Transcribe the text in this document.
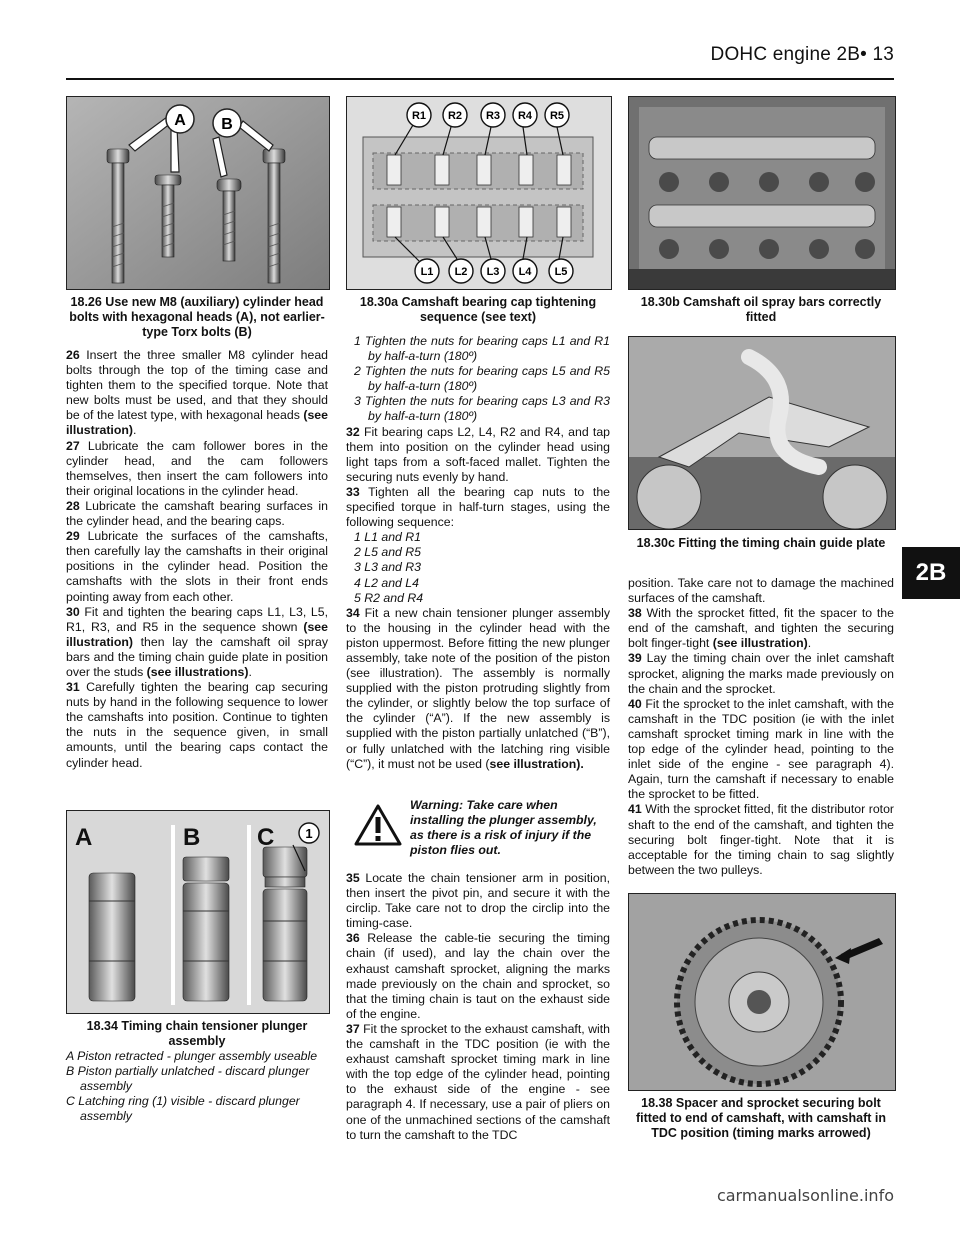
DOHC engine 2B• 13
2B
A B
18.26 Use new M8 (auxiliary) cylinder head bolts with hexagonal heads (A), not earlier-type Torx bolts (B)
R1 R2 R3 R4 R5
L1 L2 L3 L4 L5
18.30a Camshaft bearing cap tightening sequence (see text)
18.30b Camshaft oil spray bars correctly fitted
18.30c Fitting the timing chain guide plate
A	B C 1
18.34 Timing chain tensioner plunger assembly
A Piston retracted - plunger assembly useable
B Piston partially unlatched - discard plunger assembly
C Latching ring (1) visible - discard plunger assembly
18.38 Spacer and sprocket securing bolt fitted to end of camshaft, with camshaft in TDC position (timing marks arrowed)

26 Insert the three smaller M8 cylinder head bolts through the top of the timing case and tighten them to the specified torque. Note that new bolts must be used, and that they should be of the latest type, with hexagonal heads (see illustration).

27 Lubricate the cam follower bores in the cylinder head, and the cam followers themselves, then insert the cam followers into their original locations in the cylinder head.

28 Lubricate the camshaft bearing surfaces in the cylinder head, and the bearing caps.

29 Lubricate the surfaces of the camshafts, then carefully lay the camshafts in their original positions in the cylinder head. Position the camshafts with the slots in their front ends pointing away from each other.

30 Fit and tighten the bearing caps L1, L3, L5, R1, R3, and R5 in the sequence shown (see illustration) then lay the camshaft oil spray bars and the timing chain guide plate in position over the studs (see illustrations).

31 Carefully tighten the bearing cap securing nuts by hand in the following sequence to lower the camshafts into position. Continue to tighten the nuts in the sequence given, in small amounts, until the bearing caps contact the cylinder head.

1 Tighten the nuts for bearing caps L1 and R1 by half-a-turn (180º)
2 Tighten the nuts for bearing caps L5 and R5 by half-a-turn (180º)
3 Tighten the nuts for bearing caps L3 and R3 by half-a-turn (180º)

32 Fit bearing caps L2, L4, R2 and R4, and tap them into position on the cylinder head using light taps from a soft-faced mallet. Tighten the securing nuts evenly by hand.

33 Tighten all the bearing cap nuts to the specified torque in half-turn stages, using the following sequence:

1 L1 and R1
2 L5 and R5
3 L3 and R3
4 L2 and L4
5 R2 and R4

34 Fit a new chain tensioner plunger assembly to the housing in the cylinder head with the piston uppermost. Before fitting the new plunger assembly, take note of the position of the piston (see illustration). The assembly is normally supplied with the piston protruding slightly from the cylinder, or slightly below the top surface of the cylinder (“A”). If the new assembly is supplied with the piston partially unlatched (“B”), or fully unlatched with the latching ring visible (“C”), it must not be used (see illustration).

Warning: Take care when installing the plunger assembly, as there is a risk of injury if the piston flies out.

35 Locate the chain tensioner arm in position, then insert the pivot pin, and secure it with the circlip. Take care not to drop the circlip into the timing-case.

36 Release the cable-tie securing the timing chain (if used), and lay the chain over the exhaust camshaft sprocket, aligning the marks made previously on the chain and sprocket, so that the timing chain is taut on the exhaust side of the engine.

37 Fit the sprocket to the exhaust camshaft, with the camshaft in the TDC position (ie with the exhaust camshaft sprocket timing mark in line with the top edge of the cylinder head, pointing to the exhaust side of the engine - see paragraph 4. If necessary, use a pair of pliers on one of the unmachined sections of the camshaft to turn the camshaft to the TDC

position. Take care not to damage the machined surfaces of the camshaft.

38 With the sprocket fitted, fit the spacer to the end of the camshaft, and tighten the securing bolt finger-tight (see illustration).

39 Lay the timing chain over the inlet camshaft sprocket, aligning the marks made previously on the chain and the sprocket.

40 Fit the sprocket to the inlet camshaft, with the camshaft in the TDC position (ie with the inlet camshaft sprocket timing mark in line with the top edge of the cylinder head, pointing to the inlet side of the engine - see paragraph 4). Again, turn the camshaft if necessary to enable the sprocket to be fitted.

41 With the sprocket fitted, fit the distributor rotor shaft to the end of the camshaft, and tighten the securing bolt finger-tight. Note that it is acceptable for the timing chain to sag slightly between the two pulleys.

carmanualsonline.info
